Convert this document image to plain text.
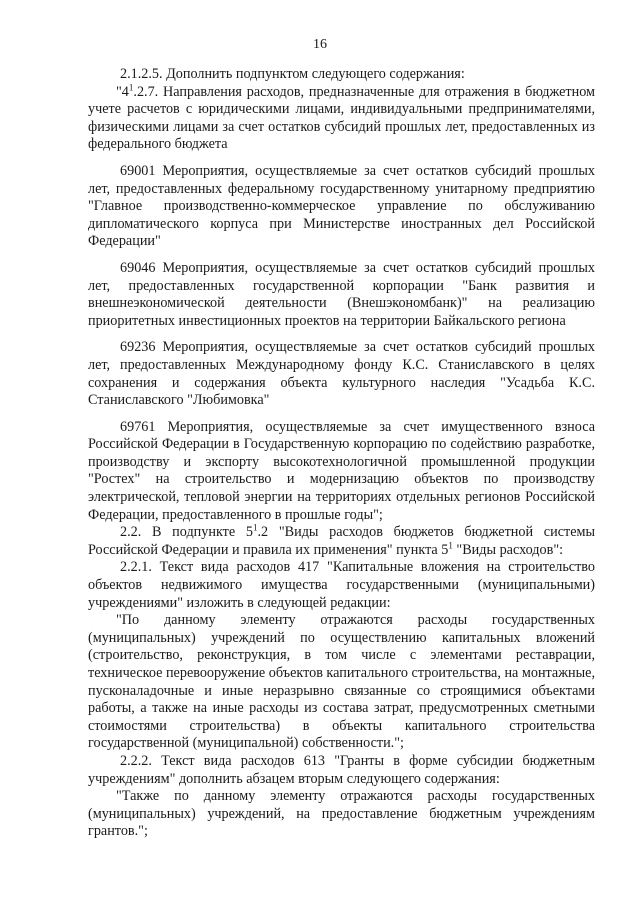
16

2.1.2.5. Дополнить подпунктом следующего содержания:

"$4^1.2.7$. Направления расходов, предназначенные для отражения в бюджетном учете расчетов с юридическими лицами, индивидуальными предпринимателями, физическими лицами за счет остатков субсидий прошлых лет, предоставленных из федерального бюджета

69001 Мероприятия, осуществляемые за счет остатков субсидий прошлых лет, предоставленных федеральному государственному унитарному предприятию "Главное производственно-коммерческое управление по обслуживанию дипломатического корпуса при Министерстве иностранных дел Российской Федерации"

69046 Мероприятия, осуществляемые за счет остатков субсидий прошлых лет, предоставленных государственной корпорации "Банк развития и внешнеэкономической деятельности (Внешэкономбанк)" на реализацию приоритетных инвестиционных проектов на территории Байкальского региона

69236 Мероприятия, осуществляемые за счет остатков субсидий прошлых лет, предоставленных Международному фонду К.С. Станиславского в целях сохранения и содержания объекта культурного наследия "Усадьба К.С. Станиславского "Любимовка"

69761 Мероприятия, осуществляемые за счет имущественного взноса Российской Федерации в Государственную корпорацию по содействию разработке, производству и экспорту высокотехнологичной промышленной продукции "Ростех" на строительство и модернизацию объектов по производству электрической, тепловой энергии на территориях отдельных регионов Российской Федерации, предоставленного в прошлые годы";

2.2. В подпункте $5^1.2$ "Виды расходов бюджетов бюджетной системы Российской Федерации и правила их применения" пункта $5^1$ "Виды расходов":

2.2.1. Текст вида расходов 417 "Капитальные вложения на строительство объектов недвижимого имущества государственными (муниципальными) учреждениями" изложить в следующей редакции:

"По данному элементу отражаются расходы государственных (муниципальных) учреждений по осуществлению капитальных вложений (строительство, реконструкция, в том числе с элементами реставрации, техническое перевооружение объектов капитального строительства, на монтажные, пусконаладочные и иные неразрывно связанные со строящимися объектами работы, а также на иные расходы из состава затрат, предусмотренных сметными стоимостями строительства) в объекты капитального строительства государственной (муниципальной) собственности.";

2.2.2. Текст вида расходов 613 "Гранты в форме субсидии бюджетным учреждениям" дополнить абзацем вторым следующего содержания:

"Также по данному элементу отражаются расходы государственных (муниципальных) учреждений, на предоставление бюджетным учреждениям грантов.";
